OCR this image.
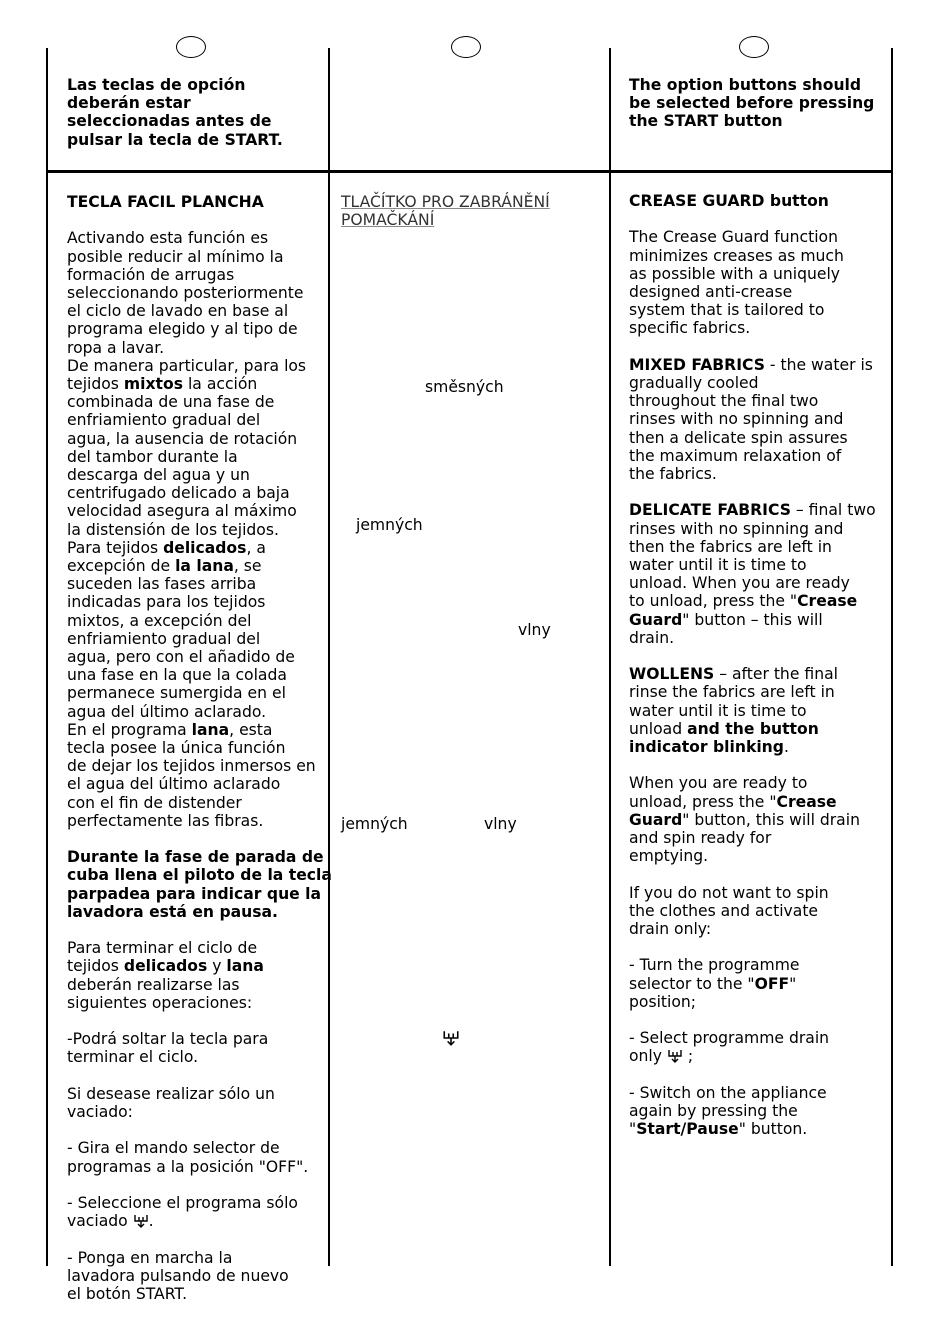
Las teclas de opción

deberán estar

seleccionadas antes de

pulsar la tecla de START.

TECLA FACIL PLANCHA

Activando esta función es

posible reducir al mínimo la

formación de arrugas

seleccionando posteriormente

el ciclo de lavado en base al

programa elegido y al tipo de

ropa a lavar.

De manera particular, para los

tejidos mixtos la acción

combinada de una fase de

enfriamiento gradual del

agua, la ausencia de rotación

del tambor durante la

descarga del agua y un

centrifugado delicado a baja

velocidad asegura al máximo

la distensión de los tejidos.

Para tejidos delicados, a

excepción de la lana, se

suceden las fases arriba

indicadas para los tejidos

mixtos, a excepción del

enfriamiento gradual del

agua, pero con el añadido de

una fase en la que la colada

permanece sumergida en el

agua del último aclarado.

En el programa lana, esta

tecla posee la única función

de dejar los tejidos inmersos en

el agua del último aclarado

con el fin de distender

perfectamente las fibras.

Durante la fase de parada de

cuba llena el piloto de la tecla

parpadea para indicar que la

lavadora está en pausa.

Para terminar el ciclo de

tejidos delicados y lana

deberán realizarse las

siguientes operaciones:

-Podrá soltar la tecla para

terminar el ciclo.

Si desease realizar sólo un

vaciado:

- Gira el mando selector de

programas a la posición "OFF".

- Seleccione el programa sólo

vaciado
.

- Ponga en marcha la

lavadora pulsando de nuevo

el botón START.

TLAČÍTKO PRO ZABRÁNĚNÍ
POMAČKÁNÍ
směsných
jemných
vlny
jemných	vlny

The option buttons should

be selected before pressing

the START button

CREASE GUARD button

The Crease Guard function

minimizes creases as much

as possible with a uniquely

designed anti-crease

system that is tailored to

specific fabrics.

MIXED FABRICS - the water is

gradually cooled

throughout the final two

rinses with no spinning and

then a delicate spin assures

the maximum relaxation of

the fabrics.

DELICATE FABRICS – final two

rinses with no spinning and

then the fabrics are left in

water until it is time to

unload. When you are ready

to unload, press the "Crease

Guard" button – this will

drain.

WOLLENS – after the final

rinse the fabrics are left in

water until it is time to

unload and the button

indicator blinking.

When you are ready to

unload, press the "Crease

Guard" button, this will drain

and spin ready for

emptying.

If you do not want to spin

the clothes and activate

drain only:

- Turn the programme

selector to the "OFF"

position;

- Select programme drain

only
;

- Switch on the appliance

again by pressing the

"Start/Pause" button.
